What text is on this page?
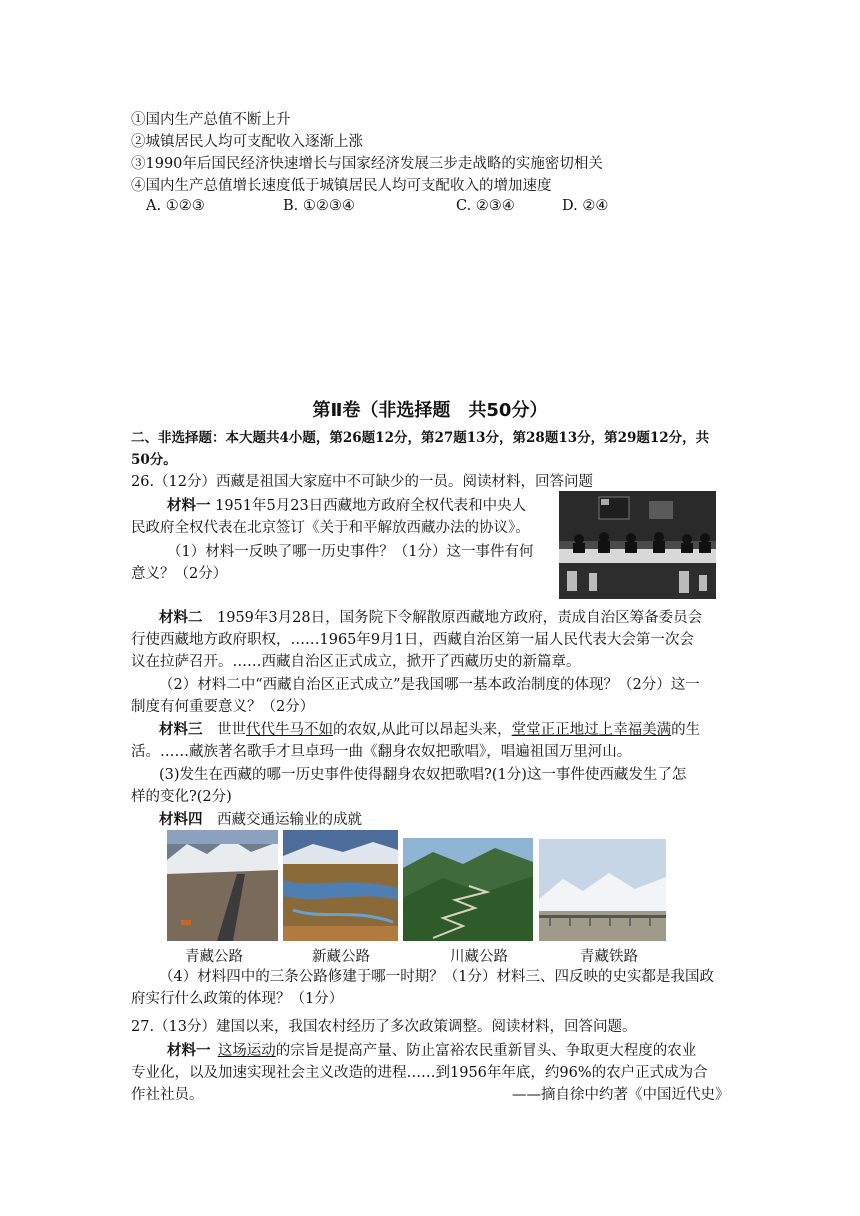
①国内生产总值不断上升
②城镇居民人均可支配收入逐渐上涨
③1990年后国民经济快速增长与国家经济发展三步走战略的实施密切相关
④国内生产总值增长速度低于城镇居民人均可支配收入的增加速度
A. ①②③	B. ①②③④	C. ②③④	D. ②④
第Ⅱ卷（非选择题　共50分）
二、非选择题：本大题共4小题，第26题12分，第27题13分，第28题13分，第29题12分，共
50分。
26.（12分）西藏是祖国大家庭中不可缺少的一员。阅读材料，回答问题
材料一 1951年5月23日西藏地方政府全权代表和中央人
民政府全权代表在北京签订《关于和平解放西藏办法的协议》。
（1）材料一反映了哪一历史事件？（1分）这一事件有何
意义？（2分）
材料二　1959年3月28日，国务院下令解散原西藏地方政府，责成自治区筹备委员会
行使西藏地方政府职权，……1965年9月1日，西藏自治区第一届人民代表大会第一次会
议在拉萨召开。……西藏自治区正式成立，掀开了西藏历史的新篇章。
（2）材料二中“西藏自治区正式成立”是我国哪一基本政治制度的体现？（2分）这一
制度有何重要意义？（2分）
材料三　世世代代牛马不如的农奴,从此可以昂起头来，堂堂正正地过上幸福美满的生
活。……藏族著名歌手才旦卓玛一曲《翻身农奴把歌唱》，唱遍祖国万里河山。
(3)发生在西藏的哪一历史事件使得翻身农奴把歌唱?(1分)这一事件使西藏发生了怎
样的变化?(2分)
材料四　西藏交通运输业的成就
青藏公路	新藏公路	川藏公路	青藏铁路
（4）材料四中的三条公路修建于哪一时期？（1分）材料三、四反映的史实都是我国政
府实行什么政策的体现？（1分）
27.（13分）建国以来，我国农村经历了多次政策调整。阅读材料，回答问题。
材料一  这场运动的宗旨是提高产量、防止富裕农民重新冒头、争取更大程度的农业
专业化，以及加速实现社会主义改造的进程……到1956年年底，约96%的农户正式成为合
作社社员。	——摘自徐中约著《中国近代史》
